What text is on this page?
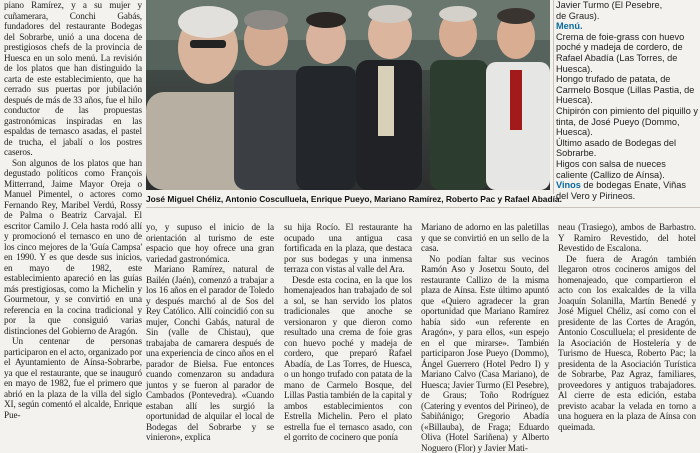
piano Ramírez, y a su mujer y cuñamerara, Conchi Gabás, fundadores del restaurante Bodegas del Sobrarbe, unió a una docena de prestigiosos chefs de la provincia de Huesca en un solo menú. La revisión de los platos que han distinguido la carta de este establecimiento, que ha cerrado sus puertas por jubilación después de más de 33 años, fue el hilo conductor de las propuestas gastronómicas inspiradas en las espaldas de ternasco asadas, el pastel de trucha, el jabalí o los postres caseros.

Son algunos de los platos que han degustado políticos como François Mitterrand, Jaime Mayor Oreja o Manuel Pimentel, o actores como Fernando Rey, Maribel Verdú, Rossy de Palma o Beatriz Carvajal. El escritor Camilo J. Cela hasta rodó allí y promocionó el ternasco en uno de los cinco mejores de la 'Guía Campsa' en 1990. Y es que desde sus inicios, en mayo de 1982, este establecimiento apareció en las guías más prestigiosas, como la Michelin y Gourmetour, y se convirtió en una referencia en la cocina tradicional y por la que consiguió varias distinciones del Gobierno de Aragón.

Un centenar de personas participaron en el acto, organizado por el Ayuntamiento de Aínsa-Sobrarbe, ya que el restaurante, que se inauguró en mayo de 1982, fue el primero que abrió en la plaza de la villa del siglo XI, según comentó el alcalde, Enrique Pue-

José Miguel Chéliz, Antonio Cosculluela, Enrique Pueyo, Mariano Ramírez, Roberto Pac y Rafael Abadía.
Javier Turmo (El Pesebre,
de Graus).
Menú.
Crema de foie-grass con huevo poché y madeja de cordero, de Rafael Abadía (Las Torres, de Huesca).
Hongo trufado de patata, de Carmelo Bosque (Lillas Pastia, de Huesca).
Chipirón con pimiento del piquillo y tinta, de José Pueyo (Dommo, Huesca).
Último asado de Bodegas del Sobrarbe.
Higos con salsa de nueces caliente (Callizo de Aínsa).
Vinos de bodegas Enate, Viñas del Vero y Pirineos.

yo, y supuso el inicio de la orientación al turismo de este espacio que hoy ofrece una gran variedad gastronómica.

Mariano Ramírez, natural de Bailén (Jaén), comenzó a trabajar a los 16 años en el parador de Toledo y después marchó al de Sos del Rey Católico. Allí coincidió con su mujer, Conchi Gabás, natural de Sin (valle de Chistau), que trabajaba de camarera después de una experiencia de cinco años en el parador de Bielsa. Fue entonces cuando comenzaron su andadura juntos y se fueron al parador de Cambados (Pontevedra). «Cuando estaban allí les surgió la oportunidad de alquilar el local de Bodegas del Sobrarbe y se vinieron», explica

su hija Rocío. El restaurante ha ocupado una antigua casa fortificada en la plaza, que destaca por sus bodegas y una inmensa terraza con vistas al valle del Ara.

Desde esta cocina, en la que los homenajeados han trabajado de sol a sol, se han servido los platos tradicionales que anoche se versionaron y que dieron como resultado una crema de foie gras con huevo poché y madeja de cordero, que preparó Rafael Abadía, de Las Torres, de Huesca, o un hongo trufado con patata de la mano de Carmelo Bosque, del Lillas Pastia también de la capital y ambos establecimientos con Estrella Michelin. Pero el plato estrella fue el ternasco asado, con el gorrito de cocinero que ponía

Mariano de adorno en las paletillas y que se convirtió en un sello de la casa.

No podían faltar sus vecinos Ramón Aso y Josetxu Souto, del restaurante Callizo de la misma plaza de Aínsa. Este último apuntó que «Quiero agradecer la gran oportunidad que Mariano Ramírez había sido «un referente en Aragón», y para ellos, «un espejo en el que mirarse». También participaron Jose Pueyo (Dommo), Ángel Guerrero (Hotel Pedro I) y Mariano Calvo (Casa Mariano), de Huesca; Javier Turmo (El Pesebre), de Graus; Toño Rodríguez (Catering y eventos del Pirineo), de Sabiñánigo; Gregorio Abadía («Billauba), de Fraga; Eduardo Oliva (Hotel Sariñena) y Alberto Noguero (Flor) y Javier Mati-

neau (Trasiego), ambos de Barbastro. Y Ramiro Revestido, del hotel Revestido de Escalona.

De fuera de Aragón también llegaron otros cocineros amigos del homenajeado, que compartieron el acto con los exalcaldes de la villa Joaquín Solanilla, Martín Benedé y José Miguel Chéliz, así como con el presidente de las Cortes de Aragón, Antonio Cosculluela; el presidente de la Asociación de Hostelería y de Turismo de Huesca, Roberto Pac; la presidenta de la Asociación Turística de Sobrarbe, Paz Agraz, familiares, proveedores y antiguos trabajadores. Al cierre de esta edición, estaba previsto acabar la velada en torno a una hoguera en la plaza de Aínsa con queimada.
